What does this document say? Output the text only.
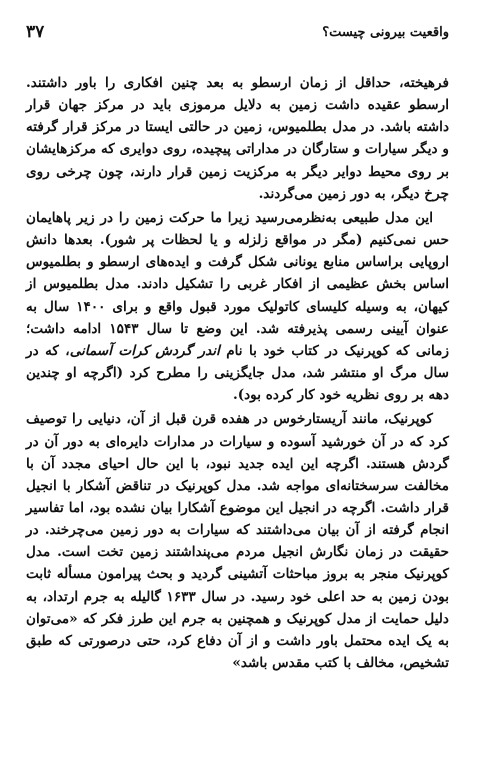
واقعیت بیرونی چیست؟
۳۷

فرهیخته، حداقل از زمان ارسطو به بعد چنین افکاری را باور داشتند. ارسطو عقیده داشت زمین به دلایل مرموزی باید در مرکز جهان قرار داشته باشد. در مدل بطلمیوس، زمین در حالتی ایستا در مرکز قرار گرفته و دیگر سیارات و ستارگان در مداراتی پیچیده، روی دوایری که مرکزهایشان بر روی محیط دوایر دیگر به مرکزیت زمین قرار دارند، چون چرخی روی چرخ دیگر، به دور زمین می‌گردند.

این مدل طبیعی به‌نظرمی‌رسید زیرا ما حرکت زمین را در زیر پاهایمان حس نمی‌کنیم (مگر در مواقع زلزله و یا لحظات پر شور). بعدها دانش اروپایی براساس منابع یونانی شکل گرفت و ایده‌های ارسطو و بطلمیوس اساس بخش عظیمی از افکار غربی را تشکیل دادند. مدل بطلمیوس از کیهان، به وسیله کلیسای کاتولیک مورد قبول واقع و برای ۱۴۰۰ سال به عنوان آیینی رسمی پذیرفته شد. این وضع تا سال ۱۵۴۳ ادامه داشت؛ زمانی که کوپرنیک در کتاب خود با نام اندر گردش کرات آسمانی، که در سال مرگ او منتشر شد، مدل جایگزینی را مطرح کرد (اگرچه او چندین دهه بر روی نظریه خود کار کرده بود).

کوپرنیک، مانند آریستارخوس در هفده قرن قبل از آن، دنیایی را توصیف کرد که در آن خورشید آسوده و سیارات در مدارات دایره‌ای به دور آن در گردش هستند. اگرچه این ایده جدید نبود، با این حال احیای مجدد آن با مخالفت سرسختانه‌ای مواجه شد. مدل کوپرنیک در تناقض آشکار با انجیل قرار داشت. اگرچه در انجیل این موضوع آشکارا بیان نشده بود، اما تفاسیر انجام گرفته از آن بیان می‌داشتند که سیارات به دور زمین می‌چرخند. در حقیقت در زمان نگارش انجیل مردم می‌پنداشتند زمین تخت است. مدل کوپرنیک منجر به بروز مباحثات آتشینی گردید و بحث پیرامون مسأله ثابت بودن زمین به حد اعلی خود رسید. در سال ۱۶۳۳ گالیله به جرم ارتداد، به دلیل حمایت از مدل کوپرنیک و همچنین به جرم این طرز فکر که «می‌توان به یک ایده محتمل باور داشت و از آن دفاع کرد، حتی درصورتی که طبق تشخیص، مخالف با کتب مقدس باشد»
